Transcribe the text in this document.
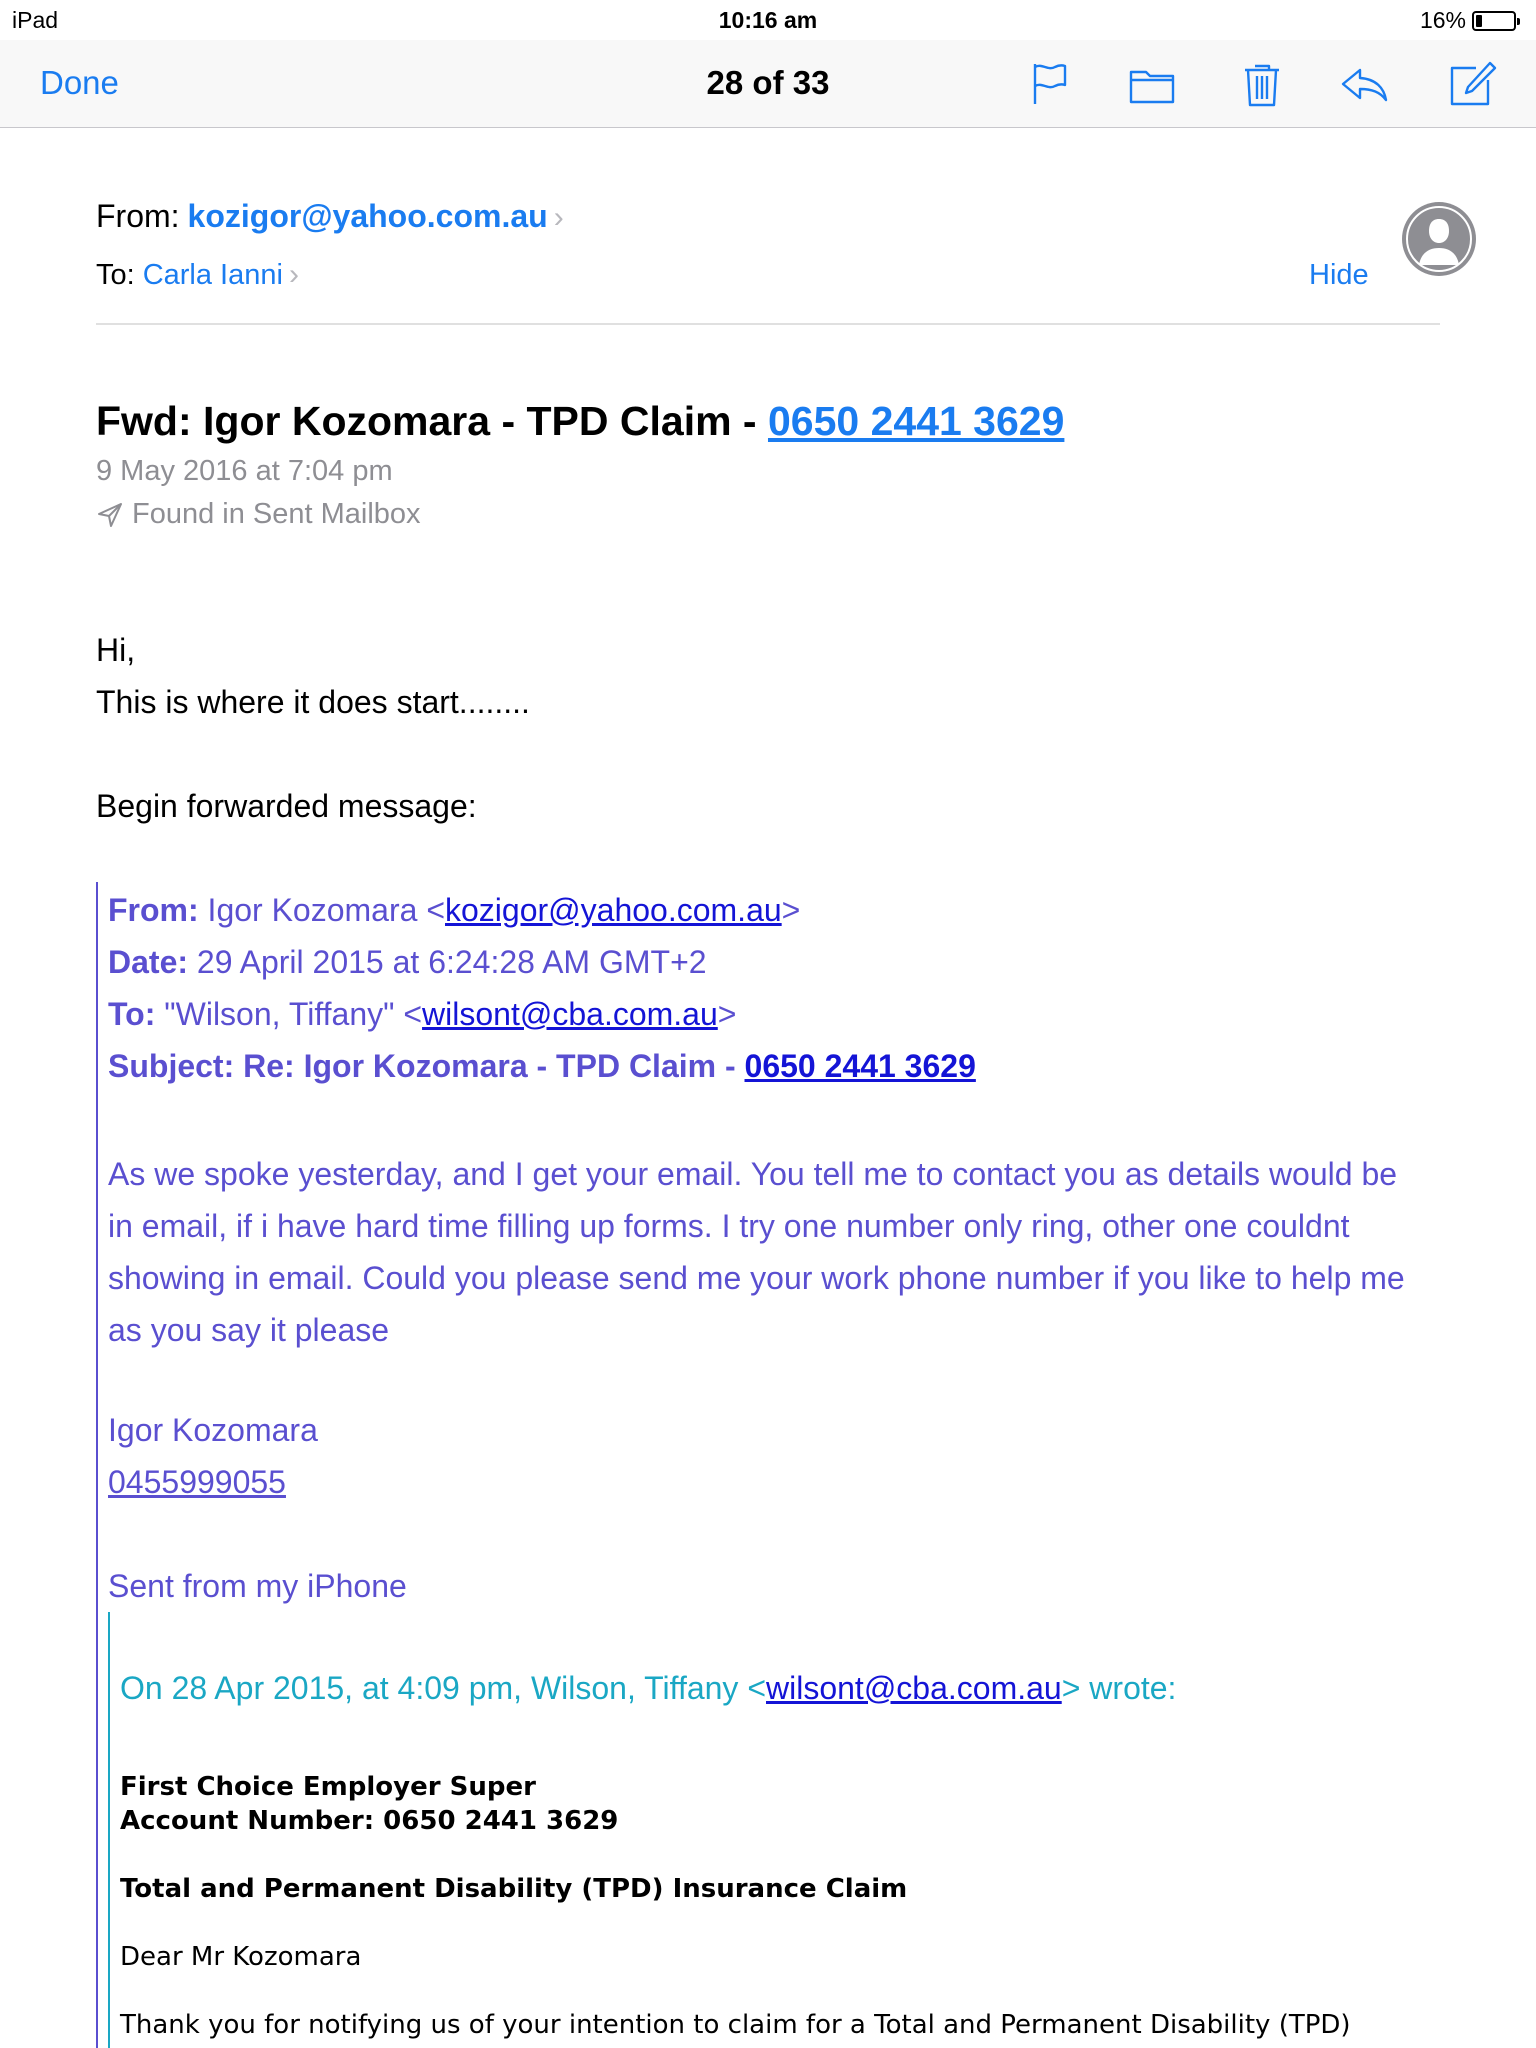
iPad	10:16 am	16%
Done	28 of 33
From: kozigor@yahoo.com.au ›
To: Carla Ianni ›	Hide
Fwd: Igor Kozomara - TPD Claim - 0650 2441 3629
9 May 2016 at 7:04 pm
Found in Sent Mailbox
Hi,
This is where it does start........
Begin forwarded message:
From: Igor Kozomara <kozigor@yahoo.com.au>
Date: 29 April 2015 at 6:24:28 AM GMT+2
To: "Wilson, Tiffany" <wilsont@cba.com.au>
Subject: Re: Igor Kozomara - TPD Claim - 0650 2441 3629
As we spoke yesterday, and I get your email. You tell me to contact you as details would be in email, if i have hard time filling up forms. I try one number only ring, other one couldnt showing in email. Could you please send me your work phone number if you like to help me as you say it please
Igor Kozomara
0455999055
Sent from my iPhone
On 28 Apr 2015, at 4:09 pm, Wilson, Tiffany <wilsont@cba.com.au> wrote:
First Choice Employer Super
Account Number: 0650 2441 3629
Total and Permanent Disability (TPD) Insurance Claim
Dear Mr Kozomara
Thank you for notifying us of your intention to claim for a Total and Permanent Disability (TPD)
